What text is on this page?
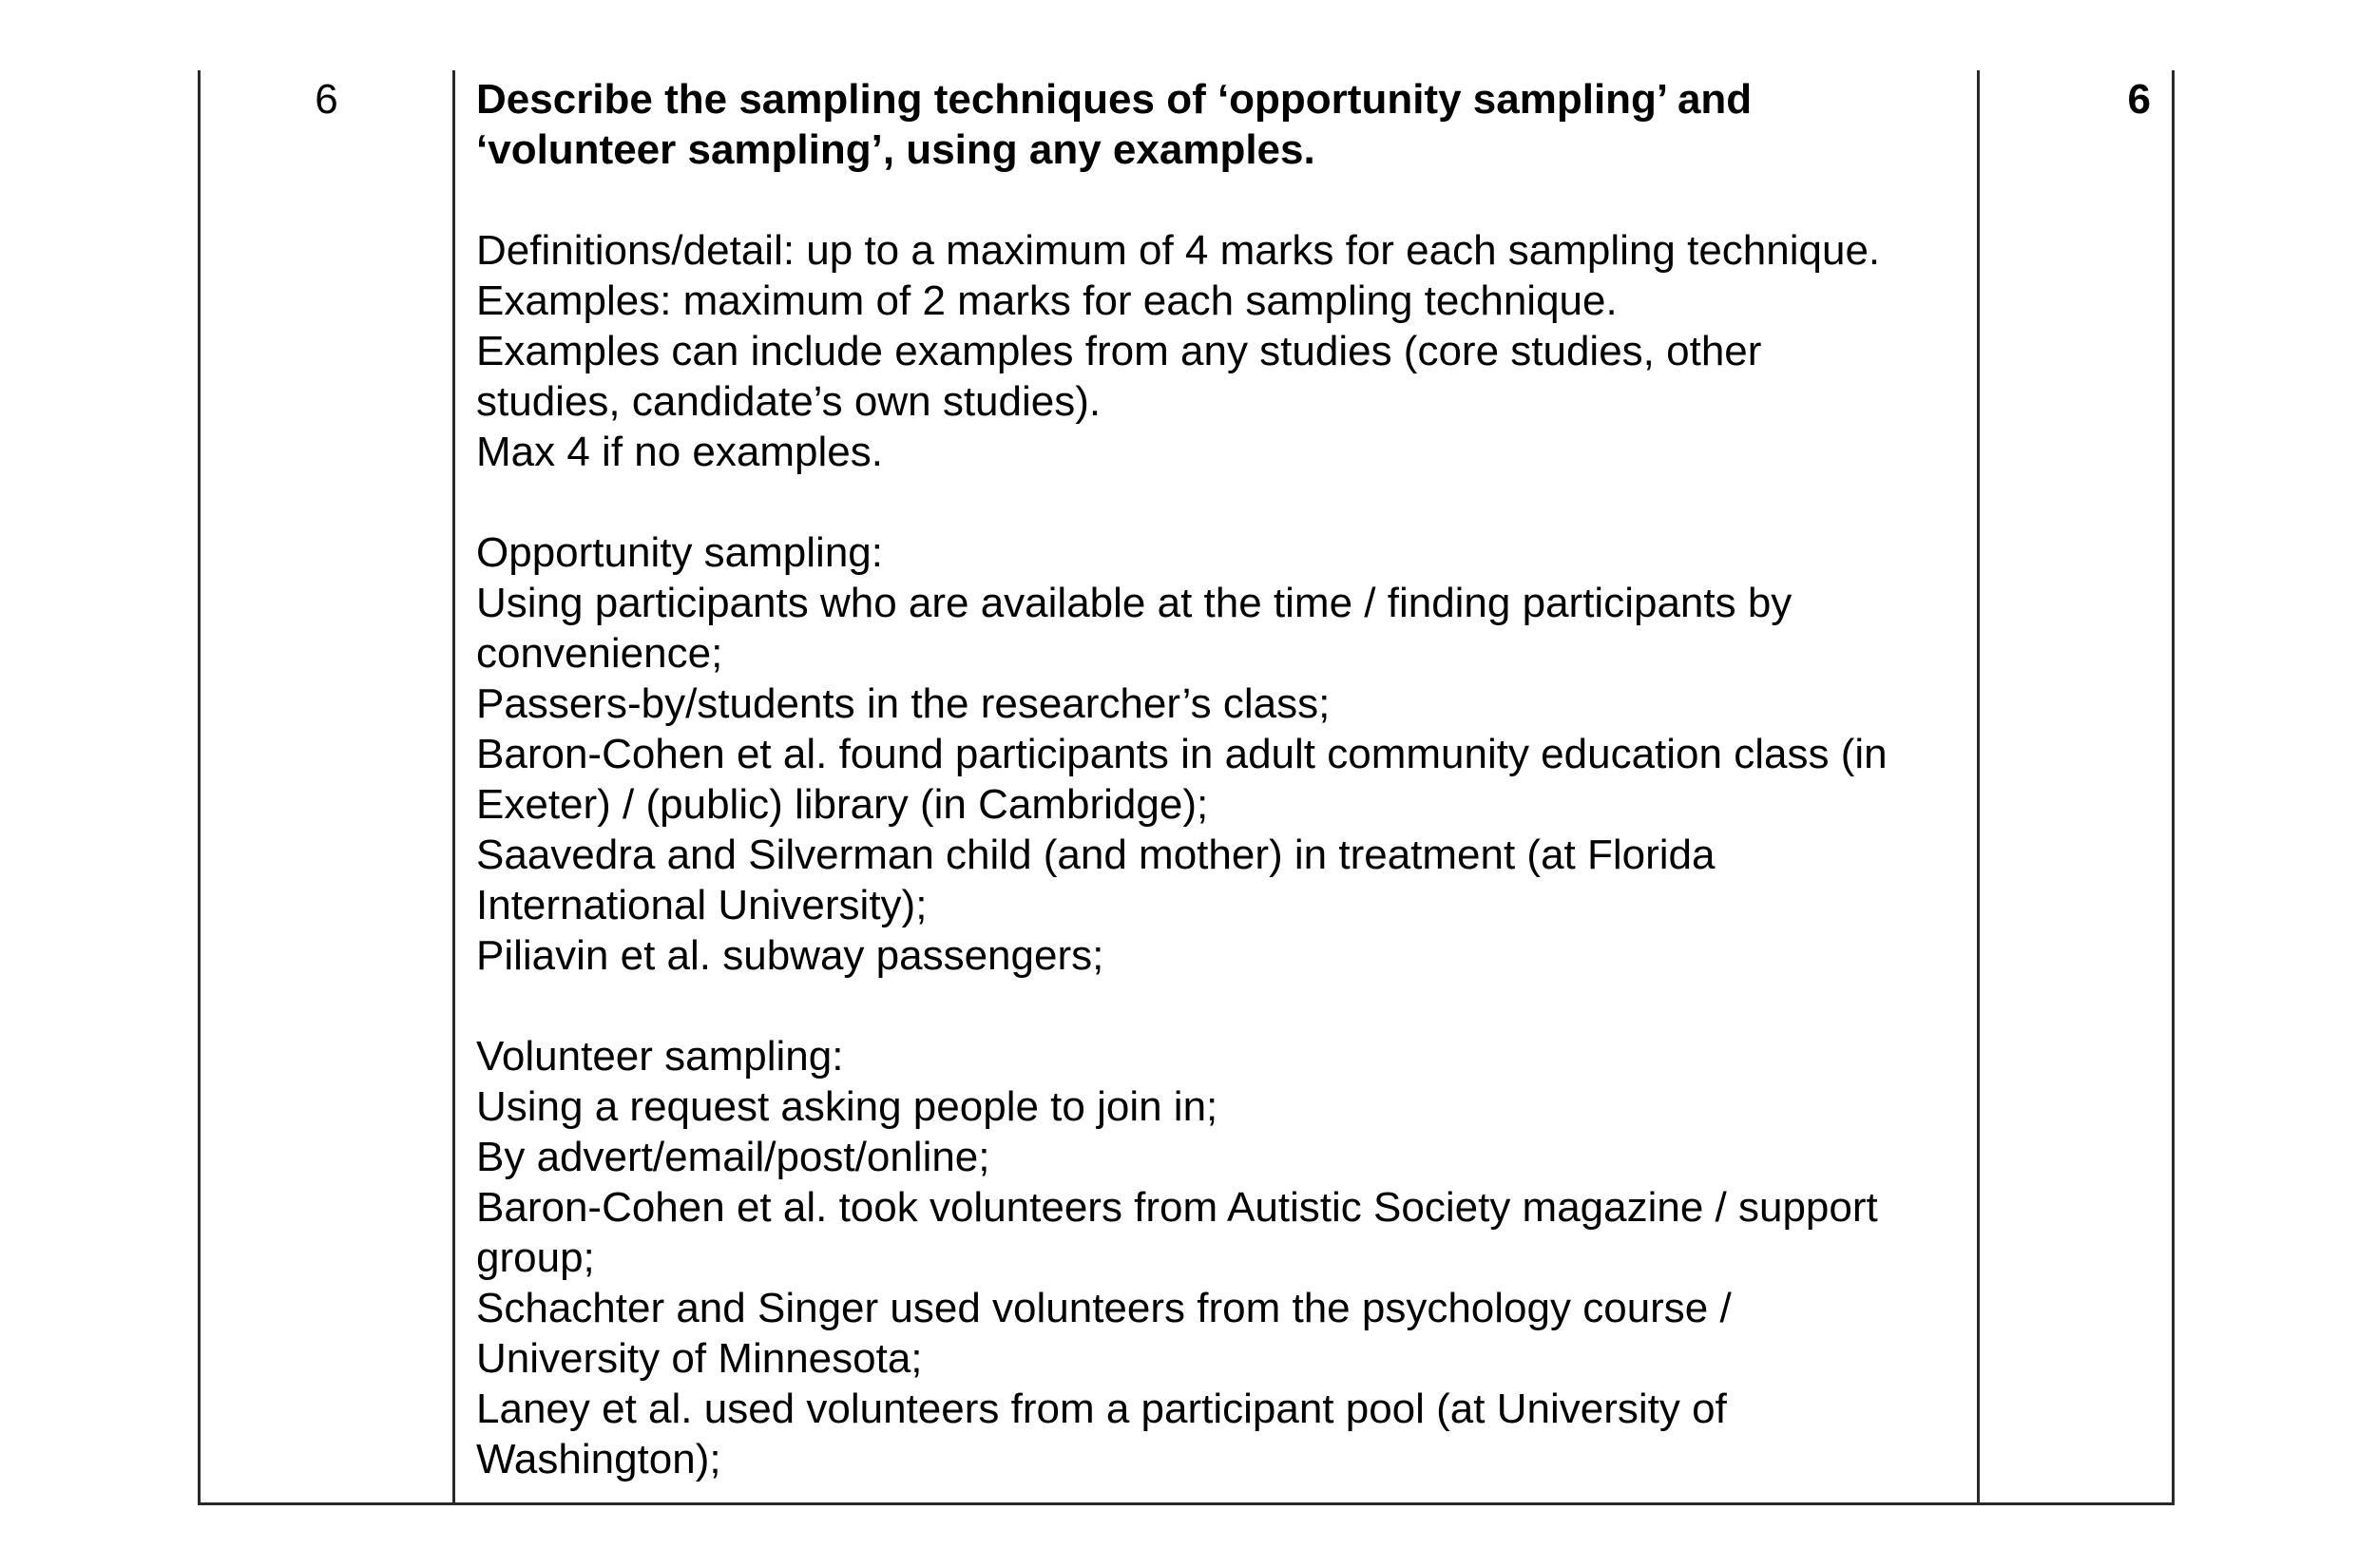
6	Describe the sampling techniques of ‘opportunity sampling’ and
‘volunteer sampling’, using any examples.
Definitions/detail: up to a maximum of 4 marks for each sampling technique.
Examples: maximum of 2 marks for each sampling technique.
Examples can include examples from any studies (core studies, other
studies, candidate’s own studies).
Max 4 if no examples.
Opportunity sampling:
Using participants who are available at the time / finding participants by
convenience;
Passers-by/students in the researcher’s class;
Baron-Cohen et al. found participants in adult community education class (in
Exeter) / (public) library (in Cambridge);
Saavedra and Silverman child (and mother) in treatment (at Florida
International University);
Piliavin et al. subway passengers;
Volunteer sampling:
Using a request asking people to join in;
By advert/email/post/online;
Baron-Cohen et al. took volunteers from Autistic Society magazine / support
group;
Schachter and Singer used volunteers from the psychology course /
University of Minnesota;
Laney et al. used volunteers from a participant pool (at University of
Washington);
6
